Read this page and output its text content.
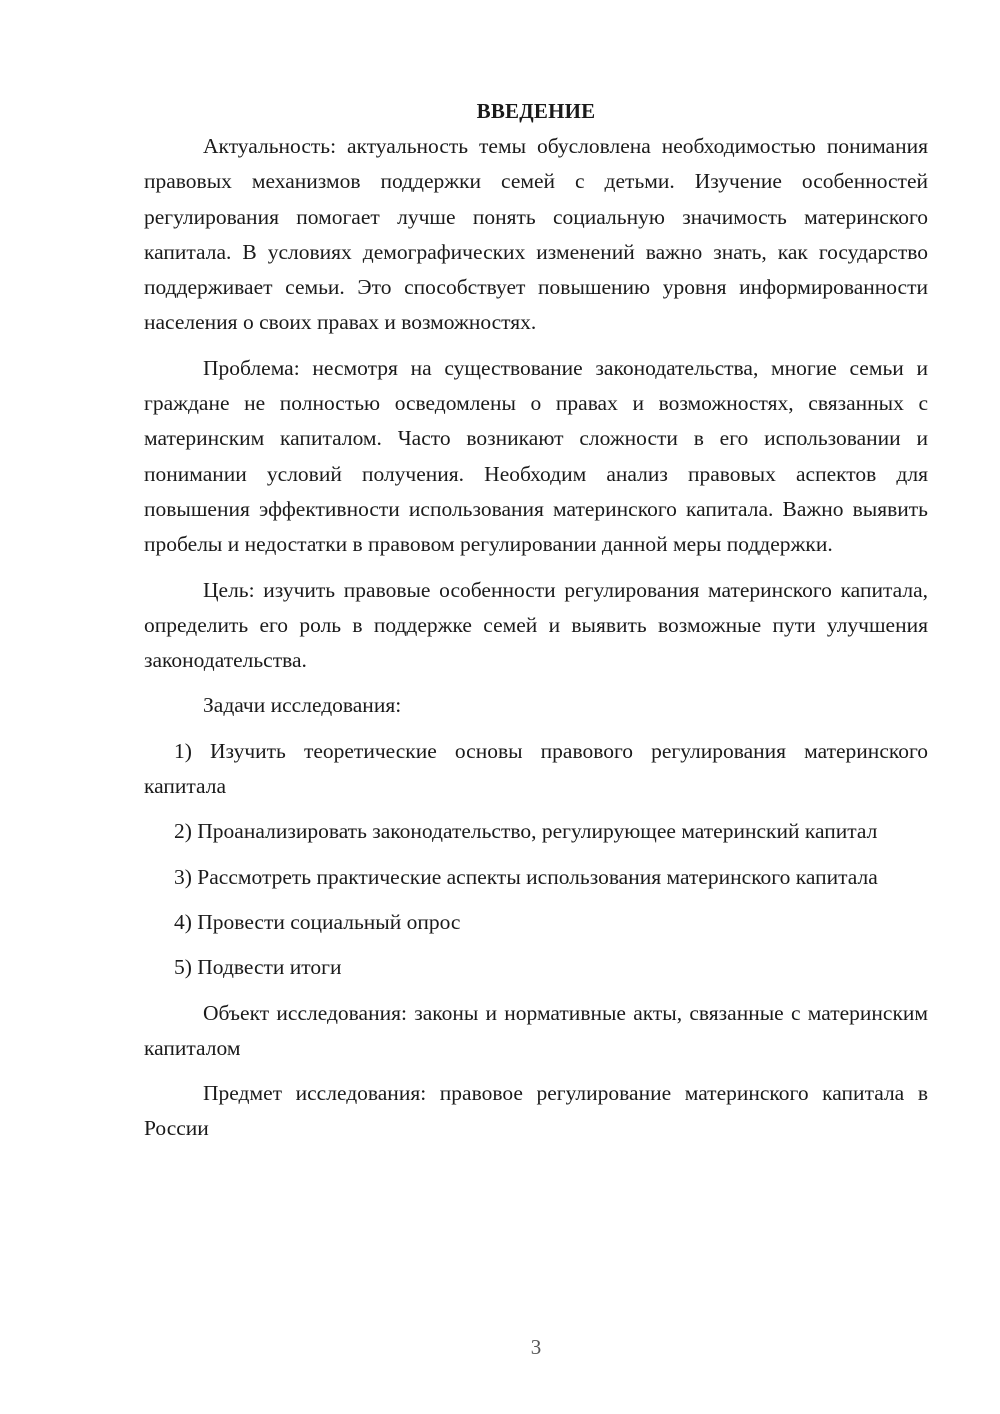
ВВЕДЕНИЕ

Актуальность: актуальность темы обусловлена необходимостью понимания правовых механизмов поддержки семей с детьми. Изучение особенностей регулирования помогает лучше понять социальную значимость материнского капитала. В условиях демографических изменений важно знать, как государство поддерживает семьи. Это способствует повышению уровня информированности населения о своих правах и возможностях.

Проблема: несмотря на существование законодательства, многие семьи и граждане не полностью осведомлены о правах и возможностях, связанных с материнским капиталом. Часто возникают сложности в его использовании и понимании условий получения. Необходим анализ правовых аспектов для повышения эффективности использования материнского капитала. Важно выявить пробелы и недостатки в правовом регулировании данной меры поддержки.

Цель: изучить правовые особенности регулирования материнского капитала, определить его роль в поддержке семей и выявить возможные пути улучшения законодательства.

Задачи исследования:

1) Изучить теоретические основы правового регулирования материнского капитала

2) Проанализировать законодательство, регулирующее материнский капитал

3) Рассмотреть практические аспекты использования материнского капитала

4) Провести социальный опрос

5) Подвести итоги

Объект исследования: законы и нормативные акты, связанные с материнским капиталом

Предмет исследования: правовое регулирование материнского капитала в России

3
